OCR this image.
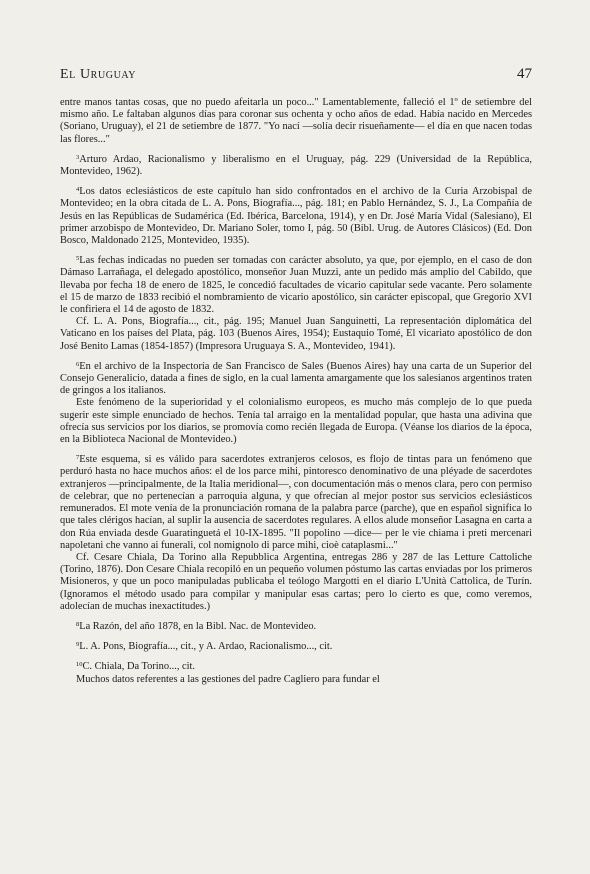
El Uruguay	47

entre manos tantas cosas, que no puedo afeitarla un poco..." Lamentablemente, falleció el 1º de setiembre del mismo año. Le faltaban algunos días para coronar sus ochenta y ocho años de edad. Había nacido en Mercedes (Soriano, Uruguay), el 21 de setiembre de 1877. "Yo nací —solía decir risueñamente— el día en que nacen todas las flores..."

$^3$Arturo Ardao, Racionalismo y liberalismo en el Uruguay, pág. 229 (Universidad de la República, Montevideo, 1962).

$^4$Los datos eclesiásticos de este capítulo han sido confrontados en el archivo de la Curia Arzobispal de Montevideo; en la obra citada de L. A. Pons, Biografía..., pág. 181; en Pablo Hernández, S. J., La Compañía de Jesús en las Repúblicas de Sudamérica (Ed. Ibérica, Barcelona, 1914), y en Dr. José María Vidal (Salesiano), El primer arzobispo de Montevideo, Dr. Mariano Soler, tomo I, pág. 50 (Bibl. Urug. de Autores Clásicos) (Ed. Don Bosco, Maldonado 2125, Montevideo, 1935).

$^5$Las fechas indicadas no pueden ser tomadas con carácter absoluto, ya que, por ejemplo, en el caso de don Dámaso Larrañaga, el delegado apostólico, monseñor Juan Muzzi, ante un pedido más amplio del Cabildo, que llevaba por fecha 18 de enero de 1825, le concedió facultades de vicario capitular sede vacante. Pero solamente el 15 de marzo de 1833 recibió el nombramiento de vicario apostólico, sin carácter episcopal, que Gregorio XVI le confiriera el 14 de agosto de 1832.

Cf. L. A. Pons, Biografía..., cit., pág. 195; Manuel Juan Sanguinetti, La representación diplomática del Vaticano en los países del Plata, pág. 103 (Buenos Aires, 1954); Eustaquio Tomé, El vicariato apostólico de don José Benito Lamas (1854-1857) (Impresora Uruguaya S. A., Montevideo, 1941).

$^6$En el archivo de la Inspectoría de San Francisco de Sales (Buenos Aires) hay una carta de un Superior del Consejo Generalicio, datada a fines de siglo, en la cual lamenta amargamente que los salesianos argentinos traten de gringos a los italianos.

Este fenómeno de la superioridad y el colonialismo europeos, es mucho más complejo de lo que pueda sugerir este simple enunciado de hechos. Tenía tal arraigo en la mentalidad popular, que hasta una adivina que ofrecía sus servicios por los diarios, se promovía como recién llegada de Europa. (Véanse los diarios de la época, en la Biblioteca Nacional de Montevideo.)

$^7$Este esquema, si es válido para sacerdotes extranjeros celosos, es flojo de tintas para un fenómeno que perduró hasta no hace muchos años: el de los parce mihi, pintoresco denominativo de una pléyade de sacerdotes extranjeros —principalmente, de la Italia meridional—, con documentación más o menos clara, pero con permiso de celebrar, que no pertenecían a parroquia alguna, y que ofrecían al mejor postor sus servicios eclesiásticos remunerados. El mote venía de la pronunciación romana de la palabra parce (parche), que en español significa lo que tales clérigos hacían, al suplir la ausencia de sacerdotes regulares. A ellos alude monseñor Lasagna en carta a don Rúa enviada desde Guaratinguetá el 10-IX-1895. "Il popolino —dice— per le vie chiama i preti mercenari napoletani che vanno ai funerali, col nomignolo di parce mihi, cioè cataplasmi..."

Cf. Cesare Chiala, Da Torino alla Repubblica Argentina, entregas 286 y 287 de las Letture Cattoliche (Torino, 1876). Don Cesare Chiala recopiló en un pequeño volumen póstumo las cartas enviadas por los primeros Misioneros, y que un poco manipuladas publicaba el teólogo Margotti en el diario L'Unità Cattolica, de Turín. (Ignoramos el método usado para compilar y manipular esas cartas; pero lo cierto es que, como veremos, adolecían de muchas inexactitudes.)

$^8$La Razón, del año 1878, en la Bibl. Nac. de Montevideo.

$^9$L. A. Pons, Biografía..., cit., y A. Ardao, Racionalismo..., cit.

$^{10}$C. Chiala, Da Torino..., cit.

Muchos datos referentes a las gestiones del padre Cagliero para fundar el
